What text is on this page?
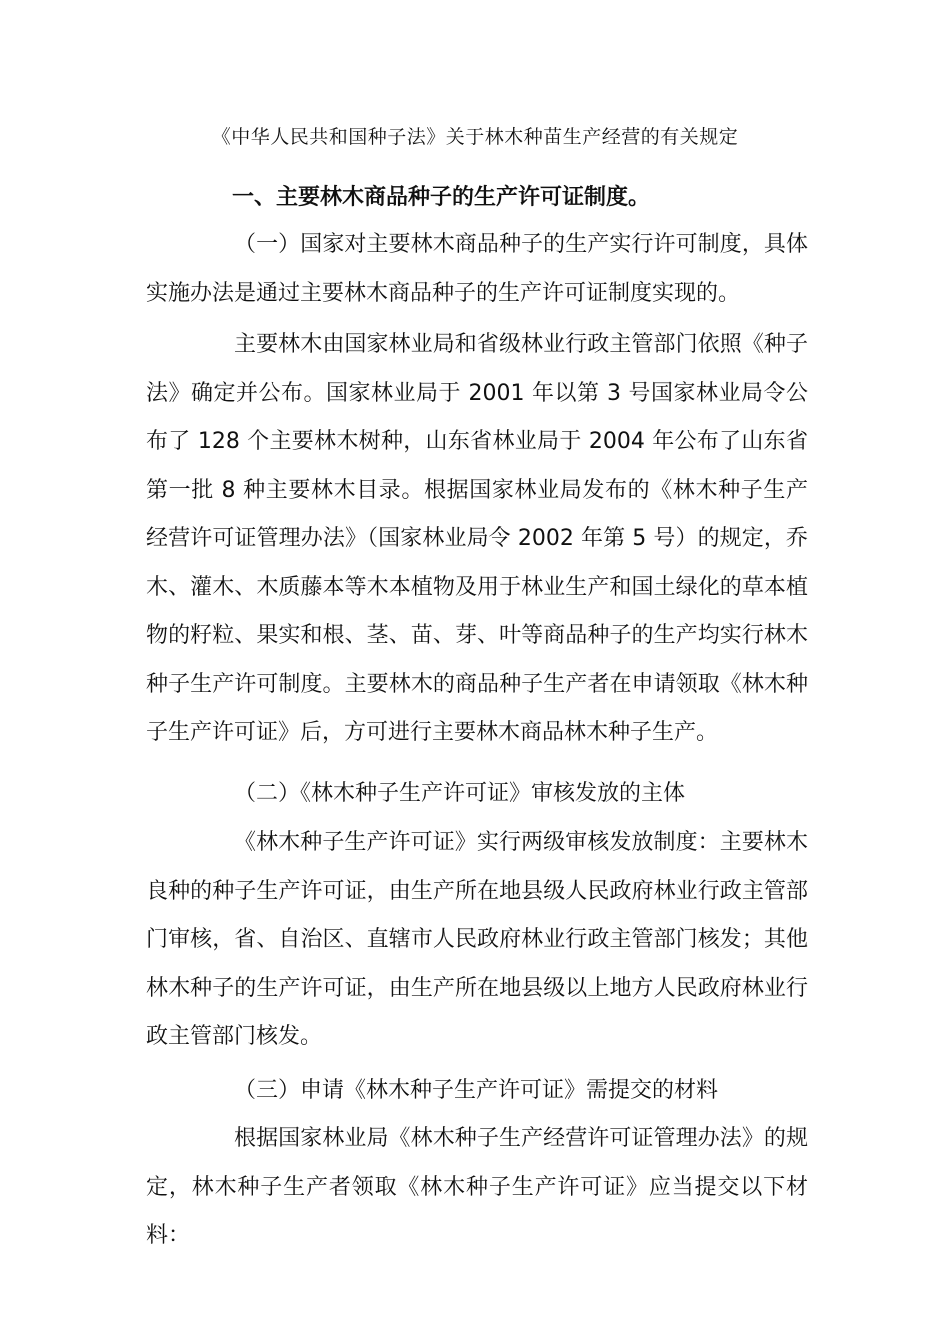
《中华人民共和国种子法》关于林木种苗生产经营的有关规定
一、主要林木商品种子的生产许可证制度。

（一）国家对主要林木商品种子的生产实行许可制度，具体实施办法是通过主要林木商品种子的生产许可证制度实现的。

主要林木由国家林业局和省级林业行政主管部门依照《种子法》确定并公布。国家林业局于 2001 年以第 3 号国家林业局令公布了 128 个主要林木树种，山东省林业局于 2004 年公布了山东省第一批 8 种主要林木目录。根据国家林业局发布的《林木种子生产经营许可证管理办法》（国家林业局令 2002 年第 5 号）的规定，乔木、灌木、木质藤本等木本植物及用于林业生产和国土绿化的草本植物的籽粒、果实和根、茎、苗、芽、叶等商品种子的生产均实行林木种子生产许可制度。主要林木的商品种子生产者在申请领取《林木种子生产许可证》后，方可进行主要林木商品林木种子生产。

（二）《林木种子生产许可证》审核发放的主体

《林木种子生产许可证》实行两级审核发放制度：主要林木良种的种子生产许可证，由生产所在地县级人民政府林业行政主管部门审核，省、自治区、直辖市人民政府林业行政主管部门核发；其他林木种子的生产许可证，由生产所在地县级以上地方人民政府林业行政主管部门核发。

（三）申请《林木种子生产许可证》需提交的材料

根据国家林业局《林木种子生产经营许可证管理办法》的规定，林木种子生产者领取《林木种子生产许可证》应当提交以下材料：
